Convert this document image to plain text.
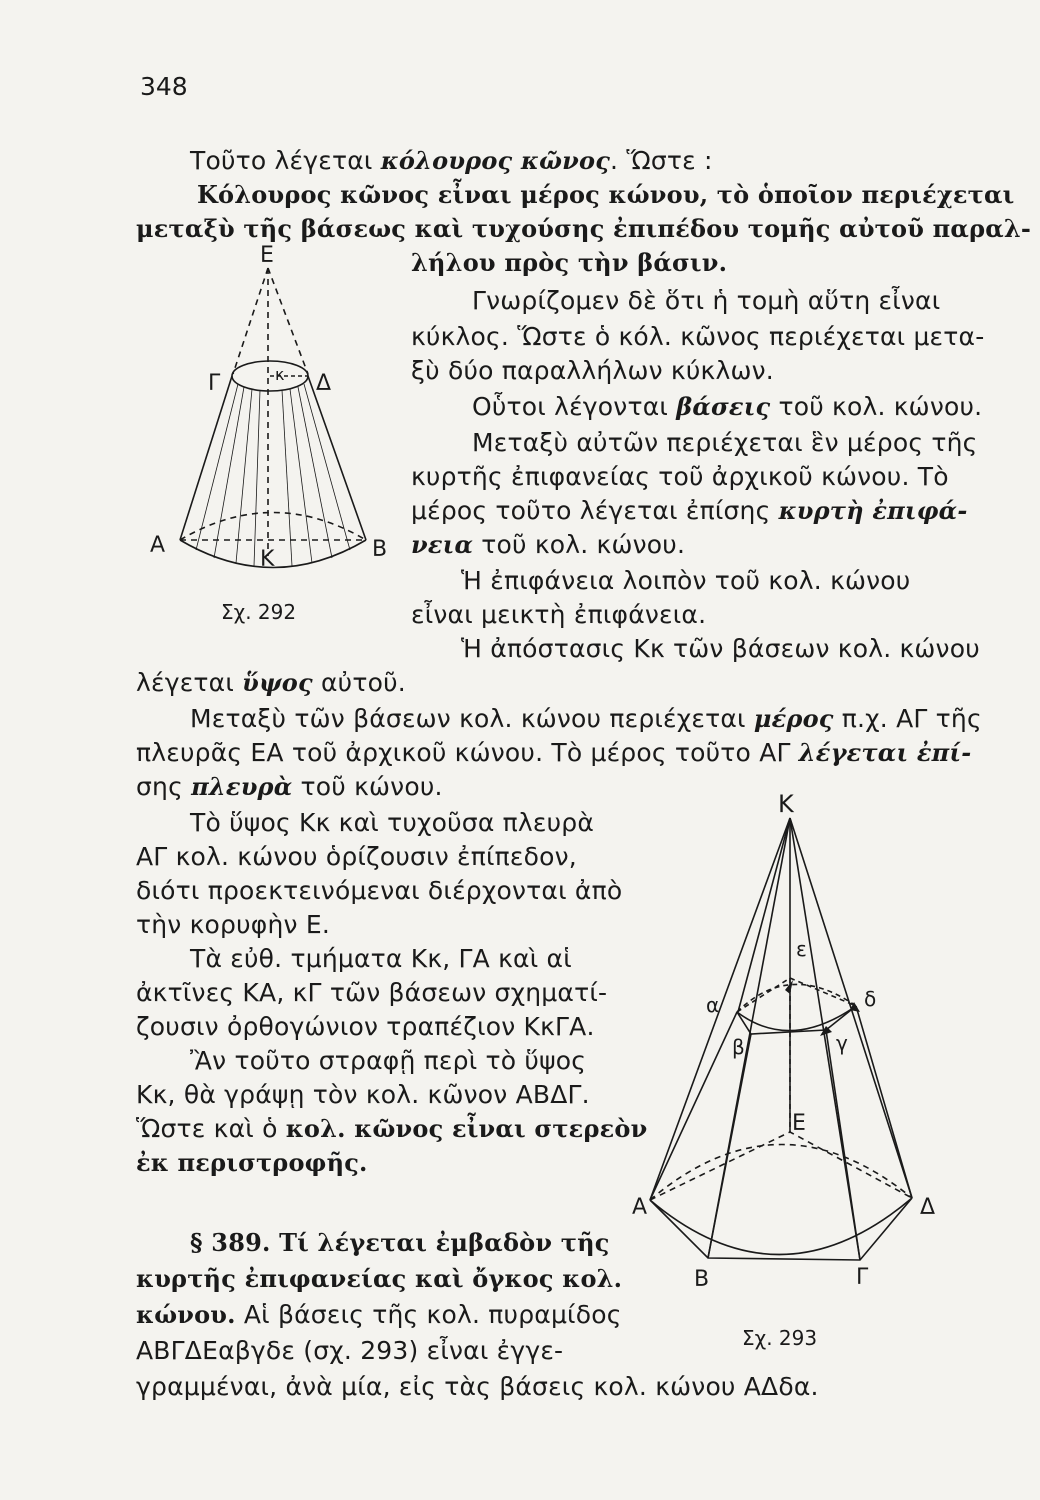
348
Τοῦτο λέγεται κόλουρος κῶνος. Ὥστε :
Κόλουρος κῶνος εἶναι μέρος κώνου, τὸ ὁποῖον περιέχεται
μεταξὺ τῆς βάσεως καὶ τυχούσης ἐπιπέδου τομῆς αὐτοῦ παραλ-
λήλου πρὸς τὴν βάσιν.
Γνωρίζομεν δὲ ὅτι ἡ τομὴ αὕτη εἶναι
κύκλος. Ὥστε ὁ κόλ. κῶνος περιέχεται μετα-
ξὺ δύο παραλλήλων κύκλων.
Οὗτοι λέγονται βάσεις τοῦ κολ. κώνου.
Μεταξὺ αὐτῶν περιέχεται ἓν μέρος τῆς
κυρτῆς ἐπιφανείας τοῦ ἀρχικοῦ κώνου. Τὸ
μέρος τοῦτο λέγεται ἐπίσης κυρτὴ ἐπιφά-
νεια τοῦ κολ. κώνου.
Ἡ ἐπιφάνεια λοιπὸν τοῦ κολ. κώνου
εἶναι μεικτὴ ἐπιφάνεια.
Ἡ ἀπόστασις Κκ τῶν βάσεων κολ. κώνου
λέγεται ὕψος αὐτοῦ.
Μεταξὺ τῶν βάσεων κολ. κώνου περιέχεται μέρος π.χ. ΑΓ τῆς
πλευρᾶς ΕΑ τοῦ ἀρχικοῦ κώνου. Τὸ μέρος τοῦτο ΑΓ λέγεται ἐπί-
σης πλευρὰ τοῦ κώνου.
Τὸ ὕψος Κκ καὶ τυχοῦσα πλευρὰ
ΑΓ κολ. κώνου ὁρίζουσιν ἐπίπεδον,
διότι προεκτεινόμεναι διέρχονται ἀπὸ
τὴν κορυφὴν Ε.
Τὰ εὐθ. τμήματα Κκ, ΓΑ καὶ αἱ
ἀκτῖνες ΚΑ, κΓ τῶν βάσεων σχηματί-
ζουσιν ὀρθογώνιον τραπέζιον ΚκΓΑ.
Ἂν τοῦτο στραφῇ περὶ τὸ ὕψος
Κκ, θὰ γράψῃ τὸν κολ. κῶνον ΑΒΔΓ.
Ὥστε καὶ ὁ κολ. κῶνος εἶναι στερεὸν
ἐκ περιστροφῆς.
§ 389. Τί λέγεται ἐμβαδὸν τῆς
κυρτῆς ἐπιφανείας καὶ ὄγκος κολ.
κώνου. Αἱ βάσεις τῆς κολ. πυραμίδος
ΑΒΓΔΕαβγδε (σχ. 293) εἶναι ἐγγε-
γραμμέναι, ἀνὰ μία, εἰς τὰς βάσεις κολ. κώνου ΑΔδα.
Ε
Γ	κ Δ
Α
Κ	Β
Σχ. 292
Κ
ε
α	δ
β	γ
Ε
Α	Δ
Β	Γ
Σχ. 293
